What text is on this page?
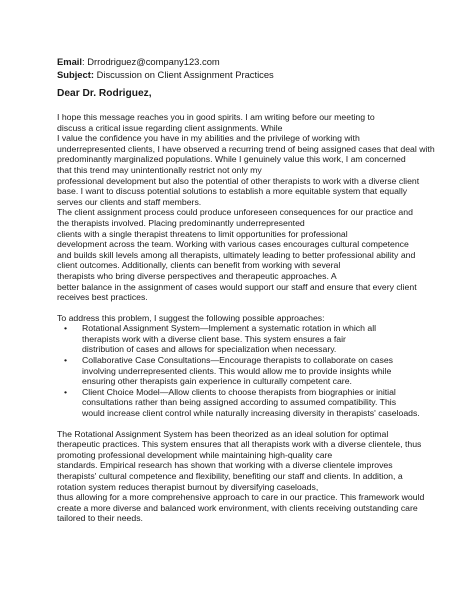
Email: Drrodriguez@company123.com
Subject: Discussion on Client Assignment Practices
Dear Dr. Rodriguez,
I hope this message reaches you in good spirits. I am writing before our meeting to
discuss a critical issue regarding client assignments. While
I value the confidence you have in my abilities and the privilege of working with
underrepresented clients, I have observed a recurring trend of being assigned cases that deal with
predominantly marginalized populations. While I genuinely value this work, I am concerned
that this trend may unintentionally restrict not only my
professional development but also the potential of other therapists to work with a diverse client
base. I want to discuss potential solutions to establish a more equitable system that equally
serves our clients and staff members.
The client assignment process could produce unforeseen consequences for our practice and
the therapists involved. Placing predominantly underrepresented
clients with a single therapist threatens to limit opportunities for professional
development across the team. Working with various cases encourages cultural competence
and builds skill levels among all therapists, ultimately leading to better professional ability and
client outcomes. Additionally, clients can benefit from working with several
therapists who bring diverse perspectives and therapeutic approaches. A
better balance in the assignment of cases would support our staff and ensure that every client
receives best practices.
To address this problem, I suggest the following possible approaches:
• Rotational Assignment System—Implement a systematic rotation in which all
therapists work with a diverse client base. This system ensures a fair
distribution of cases and allows for specialization when necessary.
• Collaborative Case Consultations—Encourage therapists to collaborate on cases
involving underrepresented clients. This would allow me to provide insights while
ensuring other therapists gain experience in culturally competent care.
• Client Choice Model—Allow clients to choose therapists from biographies or initial
consultations rather than being assigned according to assumed compatibility. This
would increase client control while naturally increasing diversity in therapists' caseloads.
The Rotational Assignment System has been theorized as an ideal solution for optimal
therapeutic practices. This system ensures that all therapists work with a diverse clientele, thus
promoting professional development while maintaining high-quality care
standards. Empirical research has shown that working with a diverse clientele improves
therapists' cultural competence and flexibility, benefiting our staff and clients. In addition, a
rotation system reduces therapist burnout by diversifying caseloads,
thus allowing for a more comprehensive approach to care in our practice. This framework would
create a more diverse and balanced work environment, with clients receiving outstanding care
tailored to their needs.
